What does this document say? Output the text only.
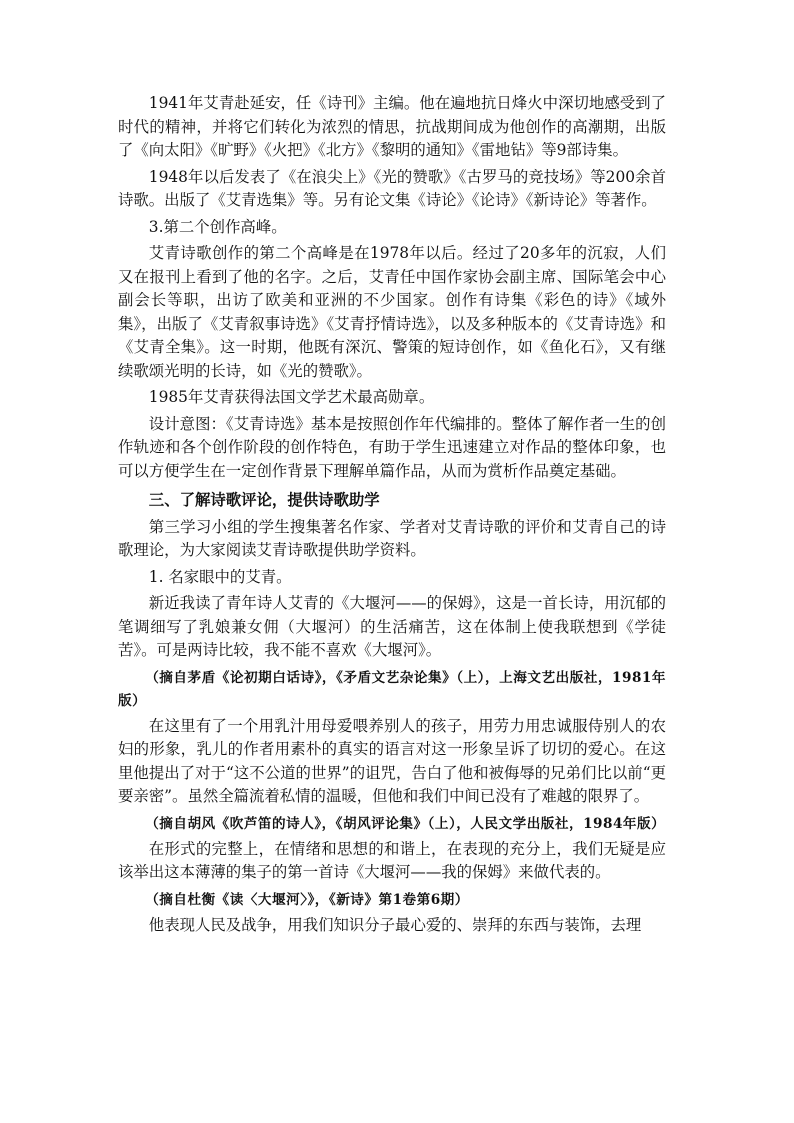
1941年艾青赴延安，任《诗刊》主编。他在遍地抗日烽火中深切地感受到了时代的精神，并将它们转化为浓烈的情思，抗战期间成为他创作的高潮期，出版了《向太阳》《旷野》《火把》《北方》《黎明的通知》《雷地钻》等9部诗集。

1948年以后发表了《在浪尖上》《光的赞歌》《古罗马的竞技场》等200余首诗歌。出版了《艾青选集》等。另有论文集《诗论》《论诗》《新诗论》等著作。

3.第二个创作高峰。

艾青诗歌创作的第二个高峰是在1978年以后。经过了20多年的沉寂，人们又在报刊上看到了他的名字。之后，艾青任中国作家协会副主席、国际笔会中心副会长等职，出访了欧美和亚洲的不少国家。创作有诗集《彩色的诗》《域外集》，出版了《艾青叙事诗选》《艾青抒情诗选》，以及多种版本的《艾青诗选》和《艾青全集》。这一时期，他既有深沉、警策的短诗创作，如《鱼化石》，又有继续歌颂光明的长诗，如《光的赞歌》。

1985年艾青获得法国文学艺术最高勋章。

设计意图：《艾青诗选》基本是按照创作年代编排的。整体了解作者一生的创作轨迹和各个创作阶段的创作特色，有助于学生迅速建立对作品的整体印象，也可以方便学生在一定创作背景下理解单篇作品，从而为赏析作品奠定基础。

三、了解诗歌评论，提供诗歌助学

第三学习小组的学生搜集著名作家、学者对艾青诗歌的评价和艾青自己的诗歌理论，为大家阅读艾青诗歌提供助学资料。

1. 名家眼中的艾青。

新近我读了青年诗人艾青的《大堰河——的保姆》，这是一首长诗，用沉郁的笔调细写了乳娘兼女佣（大堰河）的生活痛苦，这在体制上使我联想到《学徒苦》。可是两诗比较，我不能不喜欢《大堰河》。

（摘自茅盾《论初期白话诗》，《矛盾文艺杂论集》（上），上海文艺出版社，1981年版）

在这里有了一个用乳汁用母爱喂养别人的孩子，用劳力用忠诚服侍别人的农妇的形象，乳儿的作者用素朴的真实的语言对这一形象呈诉了切切的爱心。在这里他提出了对于“这不公道的世界”的诅咒，告白了他和被侮辱的兄弟们比以前“更要亲密”。虽然全篇流着私情的温暖，但他和我们中间已没有了难越的限界了。

（摘自胡风《吹芦笛的诗人》，《胡风评论集》（上），人民文学出版社，1984年版）

在形式的完整上，在情绪和思想的和谐上，在表现的充分上，我们无疑是应该举出这本薄薄的集子的第一首诗《大堰河——我的保姆》来做代表的。

（摘自杜衡《读〈大堰河〉》，《新诗》第1卷第6期）

他表现人民及战争，用我们知识分子最心爱的、崇拜的东西与装饰，去理
